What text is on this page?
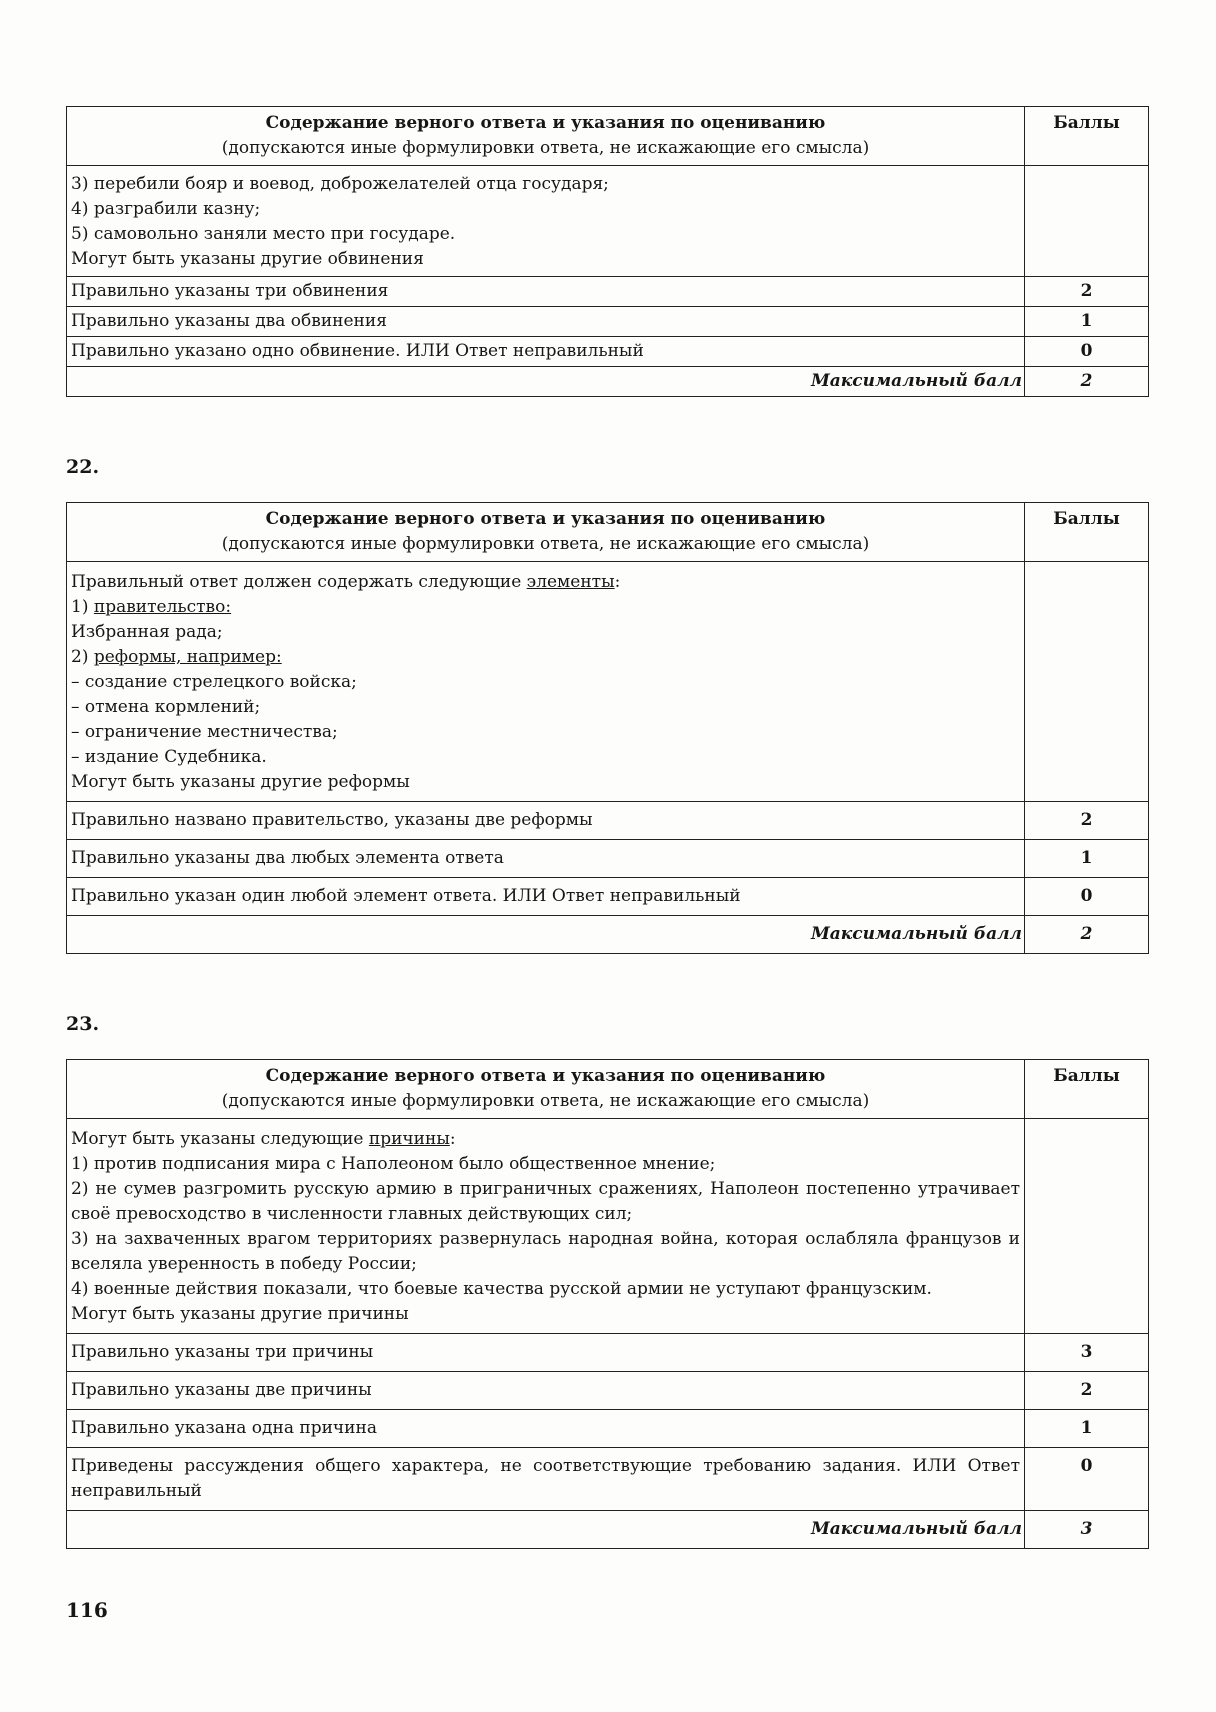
Содержание верного ответа и указания по оцениванию
(допускаются иные формулировки ответа, не искажающие его смысла)	Баллы

3) перебили бояр и воевод, доброжелателей отца государя;
4) разграбили казну;
5) самовольно заняли место при государе.
Могут быть указаны другие обвинения	

Правильно указаны три обвинения	2
Правильно указаны два обвинения	1
Правильно указано одно обвинение. ИЛИ Ответ неправильный	0
Максимальный балл	2
22.
Содержание верного ответа и указания по оцениванию
(допускаются иные формулировки ответа, не искажающие его смысла)	Баллы

Правильный ответ должен содержать следующие элементы:
1) правительство:
Избранная рада;
2) реформы, например:
– создание стрелецкого войска;
– отмена кормлений;
– ограничение местничества;
– издание Судебника.
Могут быть указаны другие реформы

Правильно названо правительство, указаны две реформы	2
Правильно указаны два любых элемента ответа	1
Правильно указан один любой элемент ответа. ИЛИ Ответ неправильный	0
Максимальный балл	2
23.
Содержание верного ответа и указания по оцениванию
(допускаются иные формулировки ответа, не искажающие его смысла)	Баллы

Могут быть указаны следующие причины:
1) против подписания мира с Наполеоном было общественное мнение;
2) не сумев разгромить русскую армию в приграничных сражениях, Наполеон постепенно утрачивает своё превосходство в численности главных действующих сил;
3) на захваченных врагом территориях развернулась народная война, которая ослабляла французов и вселяла уверенность в победу России;
4) военные действия показали, что боевые качества русской армии не уступают французским.
Могут быть указаны другие причины

Правильно указаны три причины	3
Правильно указаны две причины	2
Правильно указана одна причина	1
Приведены рассуждения общего характера, не соответствующие требованию задания. ИЛИ Ответ неправильный	0
Максимальный балл	3
116
